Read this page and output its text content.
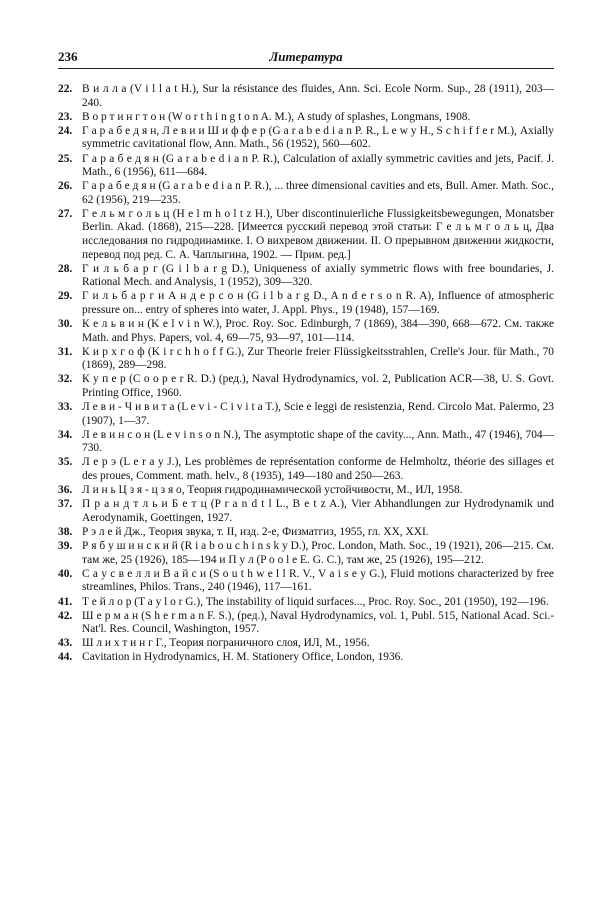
236	Литература
22. В и л л а (V i l l a t H.), Sur la résistance des fluides, Ann. Sci. Ecole Norm. Sup., 28 (1911), 203—240.
23. В о р т и н г т о н (W o r t h i n g t o n A. M.), A study of splashes, Longmans, 1908.
24. Г а р а б е д я н, Л е в и и Ш и ф ф е р (G a r a b e d i a n P. R., L e w y H., S c h i f f e r M.), Axially symmetric cavitational flow, Ann. Math., 56 (1952), 560—602.
25. Г а р а б е д я н (G a r a b e d i a n P. R.), Calculation of axially symmetric cavities and jets, Pacif. J. Math., 6 (1956), 611—684.
26. Г а р а б е д я н (G a r a b e d i a n P. R.), ... three dimensional cavities and ets, Bull. Amer. Math. Soc., 62 (1956), 219—235.
27. Г е л ь м г о л ь ц (H e l m h o l t z H.), Uber discontinuierliche Flussigkeitsbewegungen, Monatsber Berlin. Akad. (1868), 215—228. [Имеется русский перевод этой статьи: Г е л ь м г о л ь ц, Два исследования по гидродинамике. I. О вихревом движении. II. О прерывном движении жидкости, перевод под ред. С. А. Чаплыгина, 1902. — Прим. ред.]
28. Г и л ь б а р г (G i l b a r g D.), Uniqueness of axially symmetric flows with free boundaries, J. Rational Mech. and Analysis, 1 (1952), 309—320.
29. Г и л ь б а р г и А н д е р с о н (G i l b a r g D., A n d e r s o n R. A), Influence of atmospheric pressure on... entry of spheres into water, J. Appl. Phys., 19 (1948), 157—169.
30. К е л ь в и н (K e l v i n W.), Proc. Roy. Soc. Edinburgh, 7 (1869), 384—390, 668—672. См. также Math. and Phys. Papers, vol. 4, 69—75, 93—97, 101—114.
31. К и р х г о ф (K i r c h h o f f G.), Zur Theorie freier Flüssigkeitsstrahlen, Crelle's Jour. für Math., 70 (1869), 289—298.
32. К у п е р (C o o p e r R. D.) (ред.), Naval Hydrodynamics, vol. 2, Publication ACR—38, U. S. Govt. Printing Office, 1960.
33. Л е в и - Ч и в и т а (L e v i - C i v i t a T.), Scie e leggi de resistenzia, Rend. Circolo Mat. Palermo, 23 (1907), 1—37.
34. Л е в и н с о н (L e v i n s o n N.), The asymptotic shape of the cavity..., Ann. Math., 47 (1946), 704—730.
35. Л е р э (L e r a y J.), Les problèmes de représentation conforme de Helmholtz, théorie des sillages et des proues, Comment. math. helv., 8 (1935), 149—180 and 250—263.
36. Л и н ь Ц з я - ц з я о, Теория гидродинамической устойчивости, М., ИЛ, 1958.
37. П р а н д т л ь и Б е т ц (P r a n d t l L., B e t z A.), Vier Abhandlungen zur Hydrodynamik und Aerodynamik, Goettingen, 1927.
38. Р э л е й Дж., Теория звука, т. II, изд. 2-е, Физматгиз, 1955, гл. XX, XXI.
39. Р я б у ш и н с к и й (R i a b o u c h i n s k y D.), Proc. London, Math. Soc., 19 (1921), 206—215. См. там же, 25 (1926), 185—194 и П у л (P o o l e E. G. C.), там же, 25 (1926), 195—212.
40. С а у с в е л л и В а й с и (S o u t h w e l l R. V., V a i s e y G.), Fluid motions characterized by free streamlines, Philos. Trans., 240 (1946), 117—161.
41. Т е й л о р (T a y l o r G.), The instability of liquid surfaces..., Proc. Roy. Soc., 201 (1950), 192—196.
42. Ш е р м а н (S h e r m a n F. S.), (ред.), Naval Hydrodynamics, vol. 1, Publ. 515, National Acad. Sci.-Nat'l. Res. Council, Washington, 1957.
43. Ш л и х т и н г Г., Теория пограничного слоя, ИЛ, М., 1956.
44. Cavitation in Hydrodynamics, H. M. Stationery Office, London, 1936.
